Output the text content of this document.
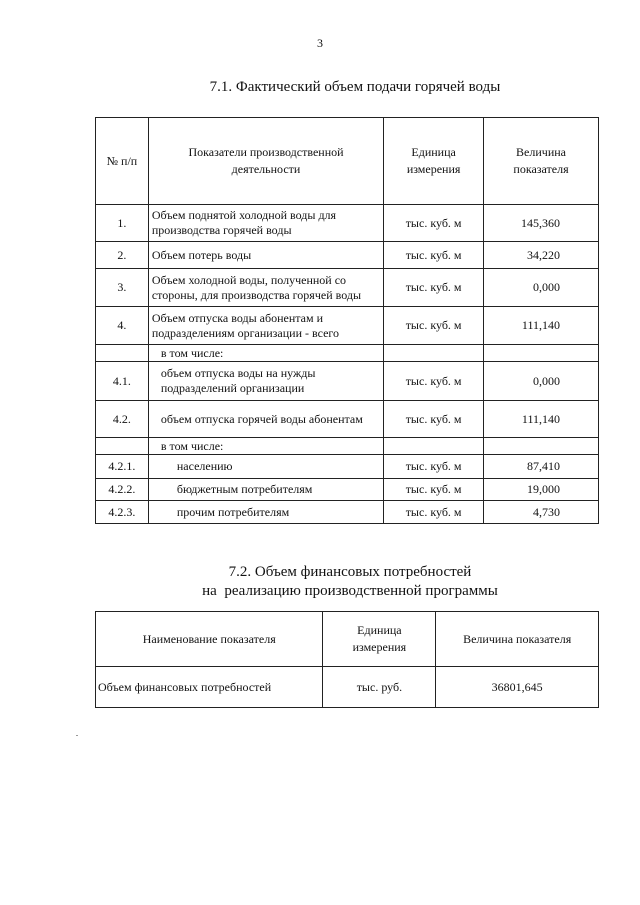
3
7.1. Фактический объем подачи горячей воды
№ п/п	Показатели производственной деятельности	Единица измерения	Величина показателя
1.	Объем поднятой холодной воды для производства горячей воды	тыс. куб. м	145,360
2.	Объем потерь воды	тыс. куб. м	34,220
3.	Объем холодной воды, полученной со стороны, для производства горячей воды	тыс. куб. м	0,000
4.	Объем отпуска воды абонентам и подразделениям организации - всего	тыс. куб. м	111,140
	в том числе:		
4.1.	объем отпуска воды на нужды подразделений организации	тыс. куб. м	0,000
4.2.	объем отпуска горячей воды абонентам	тыс. куб. м	111,140
	в том числе:		
4.2.1.	населению	тыс. куб. м	87,410
4.2.2.	бюджетным потребителям	тыс. куб. м	19,000
4.2.3.	прочим потребителям	тыс. куб. м	4,730
7.2. Объем финансовых потребностей
на  реализацию производственной программы
Наименование показателя	Единица измерения	Величина показателя
Объем финансовых потребностей	тыс. руб.	36801,645
